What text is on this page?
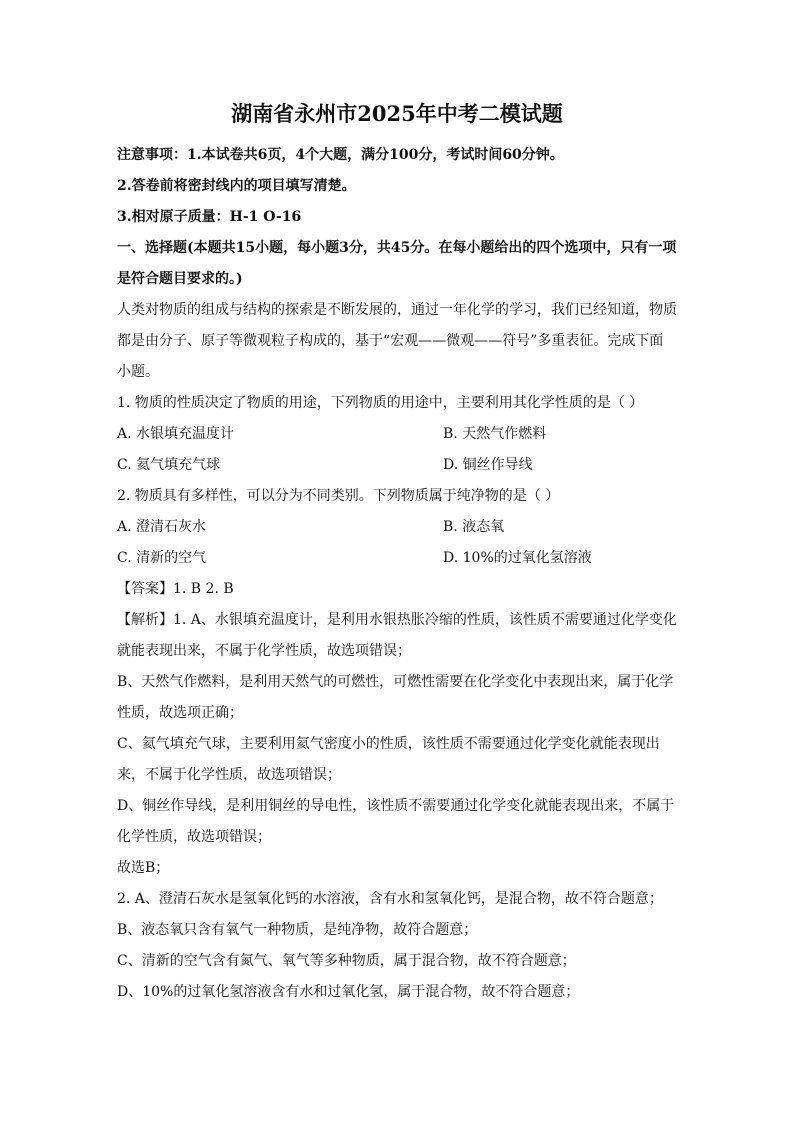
湖南省永州市2025年中考二模试题

注意事项：1.本试卷共6页，4个大题，满分100分，考试时间60分钟。

2.答卷前将密封线内的项目填写清楚。

3.相对原子质量：H-1 O-16

一、选择题(本题共15小题，每小题3分，共45分。在每小题给出的四个选项中，只有一项是符合题目要求的。)

人类对物质的组成与结构的探索是不断发展的，通过一年化学的学习，我们已经知道，物质都是由分子、原子等微观粒子构成的，基于“宏观——微观——符号”多重表征。完成下面小题。

1. 物质的性质决定了物质的用途，下列物质的用途中，主要利用其化学性质的是（ ）

A. 水银填充温度计	B. 天然气作燃料
C. 氦气填充气球	D. 铜丝作导线

2. 物质具有多样性，可以分为不同类别。下列物质属于纯净物的是（ ）

A. 澄清石灰水	B. 液态氧
C. 清新的空气	D. 10%的过氧化氢溶液

【答案】1. B 2. B

【解析】1. A、水银填充温度计，是利用水银热胀冷缩的性质，该性质不需要通过化学变化就能表现出来，不属于化学性质，故选项错误；

B、天然气作燃料，是利用天然气的可燃性，可燃性需要在化学变化中表现出来，属于化学性质，故选项正确；

C、氦气填充气球，主要利用氦气密度小的性质，该性质不需要通过化学变化就能表现出来，不属于化学性质，故选项错误；

D、铜丝作导线，是利用铜丝的导电性，该性质不需要通过化学变化就能表现出来，不属于化学性质，故选项错误；

故选B；

2. A、澄清石灰水是氢氧化钙的水溶液，含有水和氢氧化钙，是混合物，故不符合题意；

B、液态氧只含有氧气一种物质，是纯净物，故符合题意；

C、清新的空气含有氮气、氧气等多种物质，属于混合物，故不符合题意；

D、10%的过氧化氢溶液含有水和过氧化氢，属于混合物，故不符合题意；
